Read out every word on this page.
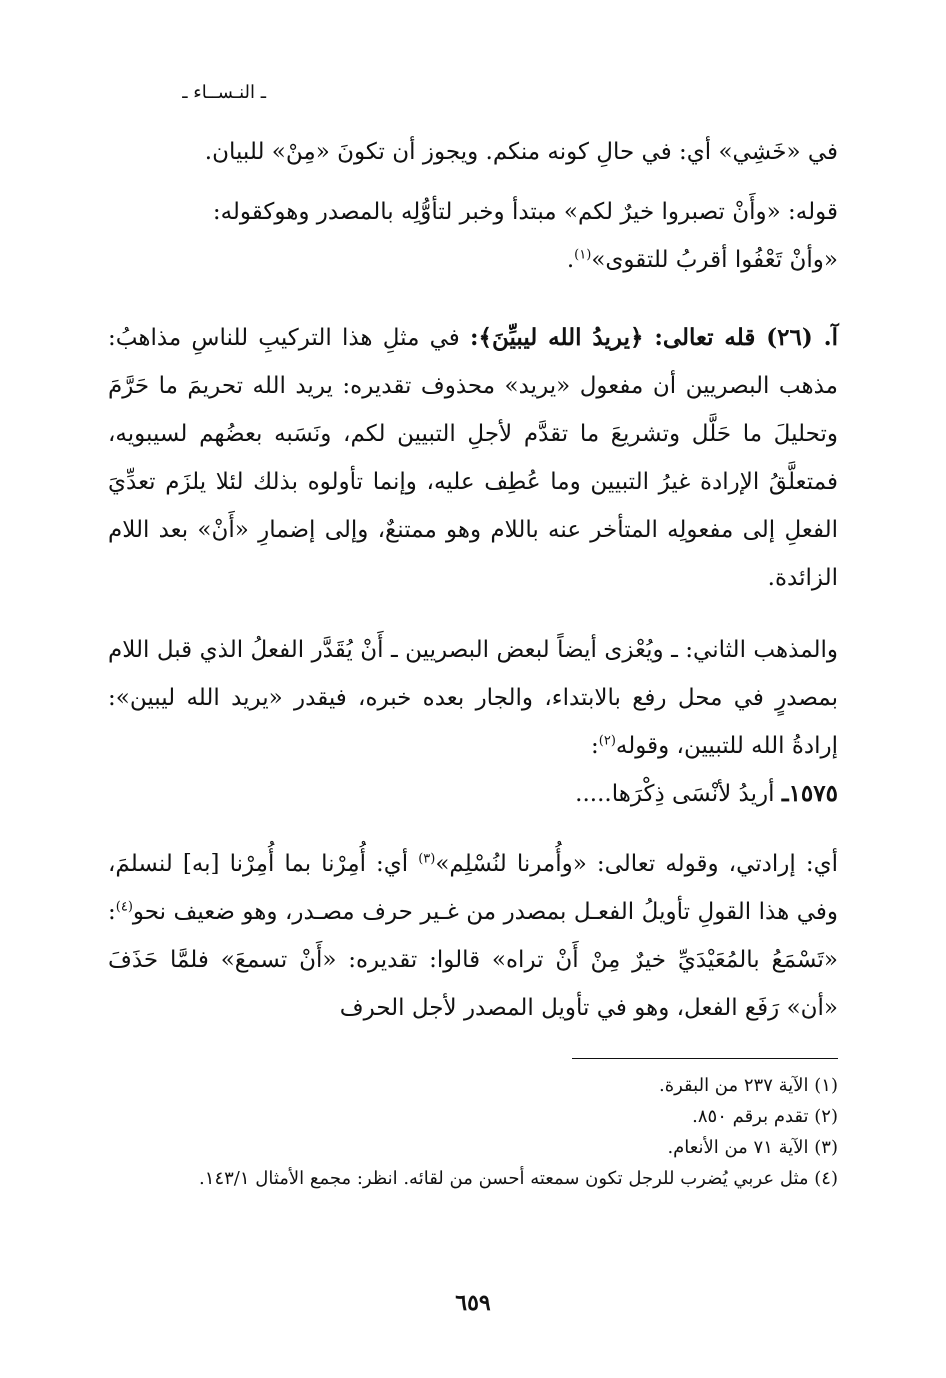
ـ النـســاء ـ

في «خَشِي» أي: في حالِ كونه منكم. ويجوز أن تكونَ «مِنْ» للبيان.

قوله: «وأَنْ تصبروا خيرٌ لكم» مبتدأ وخبر لتأوُّلِه بالمصدر وهوكقوله:

«وأنْ تَعْفُوا أقربُ للتقوى»$^{(١)}$.

آ. (٢٦) قله تعالى: ﴿يريدُ الله ليبيِّنَ﴾: في مثلِ هذا التركيبِ للناسِ مذاهبُ: مذهب البصريين أن مفعول «يريد» محذوف تقديره: يريد الله تحريمَ ما حَرَّمَ وتحليلَ ما حَلَّل وتشريعَ ما تقدَّم لأجلِ التبيين لكم، ونَسَبه بعضُهم لسيبويه، فمتعلَّقُ الإرادة غيرُ التبيين وما عُطِف عليه، وإنما تأولوه بذلك لئلا يلزَم تعدِّيَ الفعلِ إلى مفعولِه المتأخر عنه باللام وهو ممتنعٌ، وإلى إضمارِ «أَنْ» بعد اللام الزائدة.

والمذهب الثاني: ـ ويُعْزى أيضاً لبعض البصريين ـ أَنْ يُقَدَّر الفعلُ الذي قبل اللام بمصدرٍ في محل رفع بالابتداء، والجار بعده خبره، فيقدر «يريد الله ليبين»: إرادةُ الله للتبيين، وقوله$^{(٢)}$:

١٥٧٥ـ أريدُ لأنْسَى ذِكْرَها.....

أي: إرادتي، وقوله تعالى: «وأُمرنا لنُسْلِم»$^{(٣)}$ أي: أُمِرْنا بما أُمِرْنا [به] لنسلمَ، وفي هذا القولِ تأويلُ الفعـل بمصدر من غـير حرف مصـدر، وهو ضعيف نحو$^{(٤)}$: «تَسْمَعُ بالمُعَيْدَيِّ خيرٌ مِنْ أَنْ تراه» قالوا: تقديره: «أَنْ تسمعَ» فلمَّا حَذَفَ «أن» رَفَع الفعل، وهو في تأويل المصدر لأجل الحرف

(١) الآية ٢٣٧ من البقرة.

(٢) تقدم برقم ٨٥٠.

(٣) الآية ٧١ من الأنعام.

(٤) مثل عربي يُضرب للرجل تكون سمعته أحسن من لقائه. انظر: مجمع الأمثال ١٤٣/١.

٦٥٩
